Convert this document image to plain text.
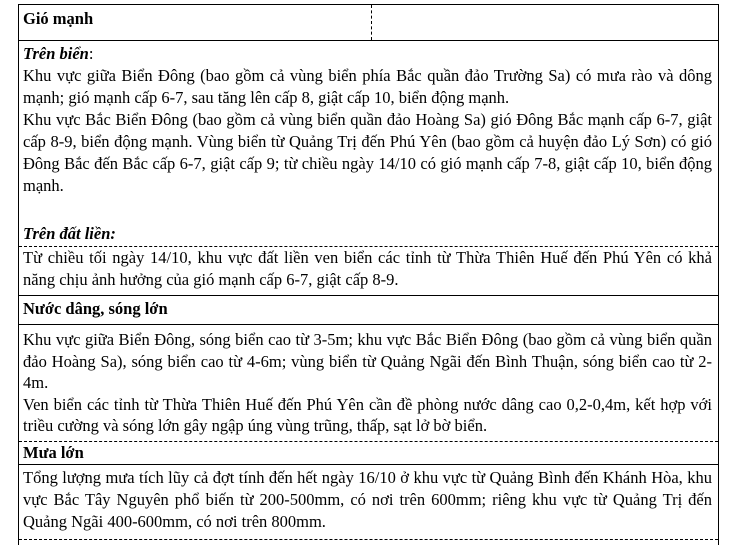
Gió mạnh

Trên biển:

Khu vực giữa Biển Đông (bao gồm cả vùng biển phía Bắc quần đảo Trường Sa) có mưa rào và dông mạnh; gió mạnh cấp 6-7, sau tăng lên cấp 8, giật cấp 10, biển động mạnh.

Khu vực Bắc Biển Đông (bao gồm cả vùng biển quần đảo Hoàng Sa) gió Đông Bắc mạnh cấp 6-7, giật cấp 8-9, biển động mạnh. Vùng biển từ Quảng Trị đến Phú Yên (bao gồm cả huyện đảo Lý Sơn) có gió Đông Bắc đến Bắc cấp 6-7, giật cấp 9; từ chiều ngày 14/10 có gió mạnh cấp 7-8, giật cấp 10, biển động mạnh.

Trên đất liền:

Từ chiều tối ngày 14/10, khu vực đất liền ven biển các tỉnh từ Thừa Thiên Huế đến Phú Yên có khả năng chịu ảnh hưởng của gió mạnh cấp 6-7, giật cấp 8-9.

Nước dâng, sóng lớn

Khu vực giữa Biển Đông, sóng biển cao từ 3-5m; khu vực Bắc Biển Đông (bao gồm cả vùng biển quần đảo Hoàng Sa), sóng biển cao từ 4-6m; vùng biển từ Quảng Ngãi đến Bình Thuận, sóng biển cao từ 2-4m.

Ven biển các tỉnh từ Thừa Thiên Huế đến Phú Yên cần đề phòng nước dâng cao 0,2-0,4m, kết hợp với triều cường và sóng lớn gây ngập úng vùng trũng, thấp, sạt lở bờ biển.

Mưa lớn

Tổng lượng mưa tích lũy cả đợt tính đến hết ngày 16/10 ở khu vực từ Quảng Bình đến Khánh Hòa, khu vực Bắc Tây Nguyên phổ biến từ 200-500mm, có nơi trên 600mm; riêng khu vực từ Quảng Trị đến Quảng Ngãi 400-600mm, có nơi trên 800mm.
